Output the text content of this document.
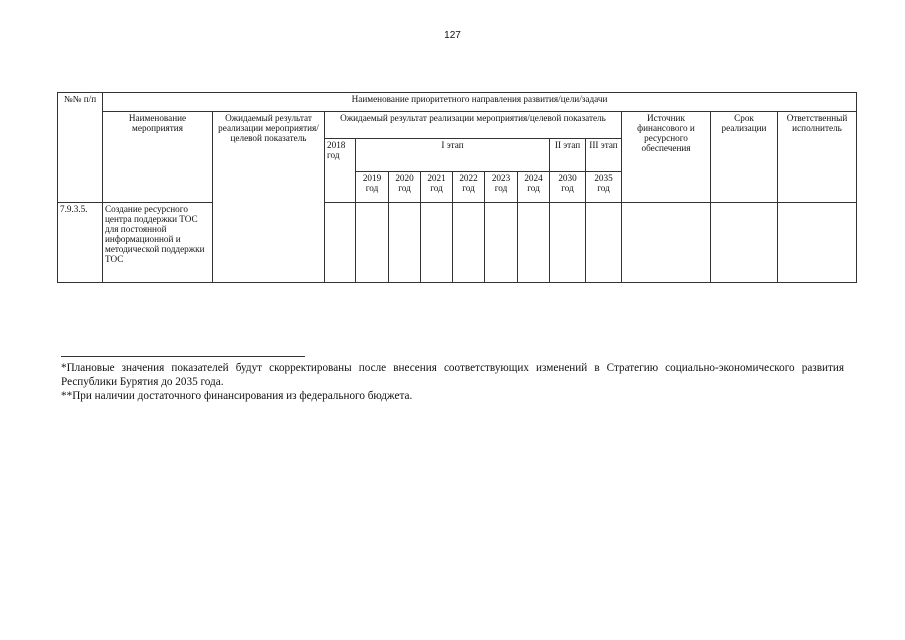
127
№№ п/п	Наименование приоритетного направления развития/цели/задачи													
	Наименование мероприятия	Ожидаемый результат реализации мероприятия/целевой показатель	Ожидаемый результат реализации мероприятия/целевой показатель									Источник финансового и ресурсного обеспечения	Срок реализации	Ответственный исполнитель
			2018 год	I этап						II этап	III этап			
				2019 год	2020 год	2021 год	2022 год	2023 год	2024 год	2030 год	2035 год			
7.9.3.5.	Создание ресурсного центра поддержки ТОС для постоянной информационной и методической поддержки ТОС													

*Плановые значения показателей будут скорректированы после внесения соответствующих изменений в Стратегию социально-экономического развития Республики Бурятия до 2035 года.

**При наличии достаточного финансирования из федерального бюджета.
